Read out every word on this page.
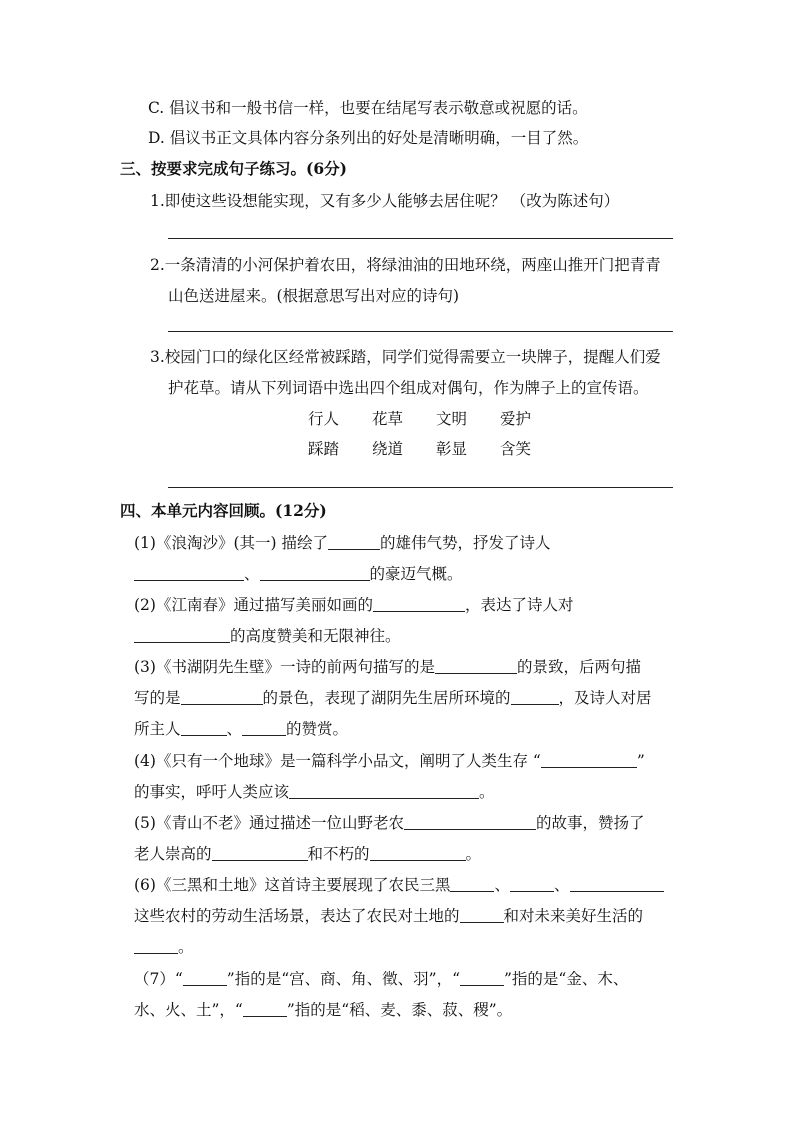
C. 倡议书和一般书信一样，也要在结尾写表示敬意或祝愿的话。
D. 倡议书正文具体内容分条列出的好处是清晰明确，一目了然。
三、按要求完成句子练习。(6分)
1.即使这些设想能实现，又有多少人能够去居住呢？ （改为陈述句）
2.一条清清的小河保护着农田，将绿油油的田地环绕，两座山推开门把青青
山色送进屋来。(根据意思写出对应的诗句)
3.校园门口的绿化区经常被踩踏，同学们觉得需要立一块牌子，提醒人们爱
护花草。请从下列词语中选出四个组成对偶句，作为牌子上的宣传语。
行人 花草 文明 爱护
踩踏 绕道 彰显 含笑
四、本单元内容回顾。(12分)
(1)《浪淘沙》(其一) 描绘了	的雄伟气势，抒发了诗人
、	的豪迈气概。
(2)《江南春》通过描写美丽如画的	，表达了诗人对
的高度赞美和无限神往。
(3)《书湖阴先生壁》一诗的前两句描写的是	的景致，后两句描
写的是	的景色，表现了湖阴先生居所环境的	，及诗人对居
所主人	、	的赞赏。
(4)《只有一个地球》是一篇科学小品文，阐明了人类生存 “	”
的事实，呼吁人类应该	。
(5)《青山不老》通过描述一位山野老农	的故事，赞扬了
老人崇高的	和不朽的	。
(6)《三黑和土地》这首诗主要展现了农民三黑	、	、
这些农村的劳动生活场景，表达了农民对土地的	和对未来美好生活的
。
（7）“	”指的是“宫、商、角、徵、羽”，“	”指的是“金、木、
水、火、土”，“	”指的是“稻、麦、黍、菽、稷”。
